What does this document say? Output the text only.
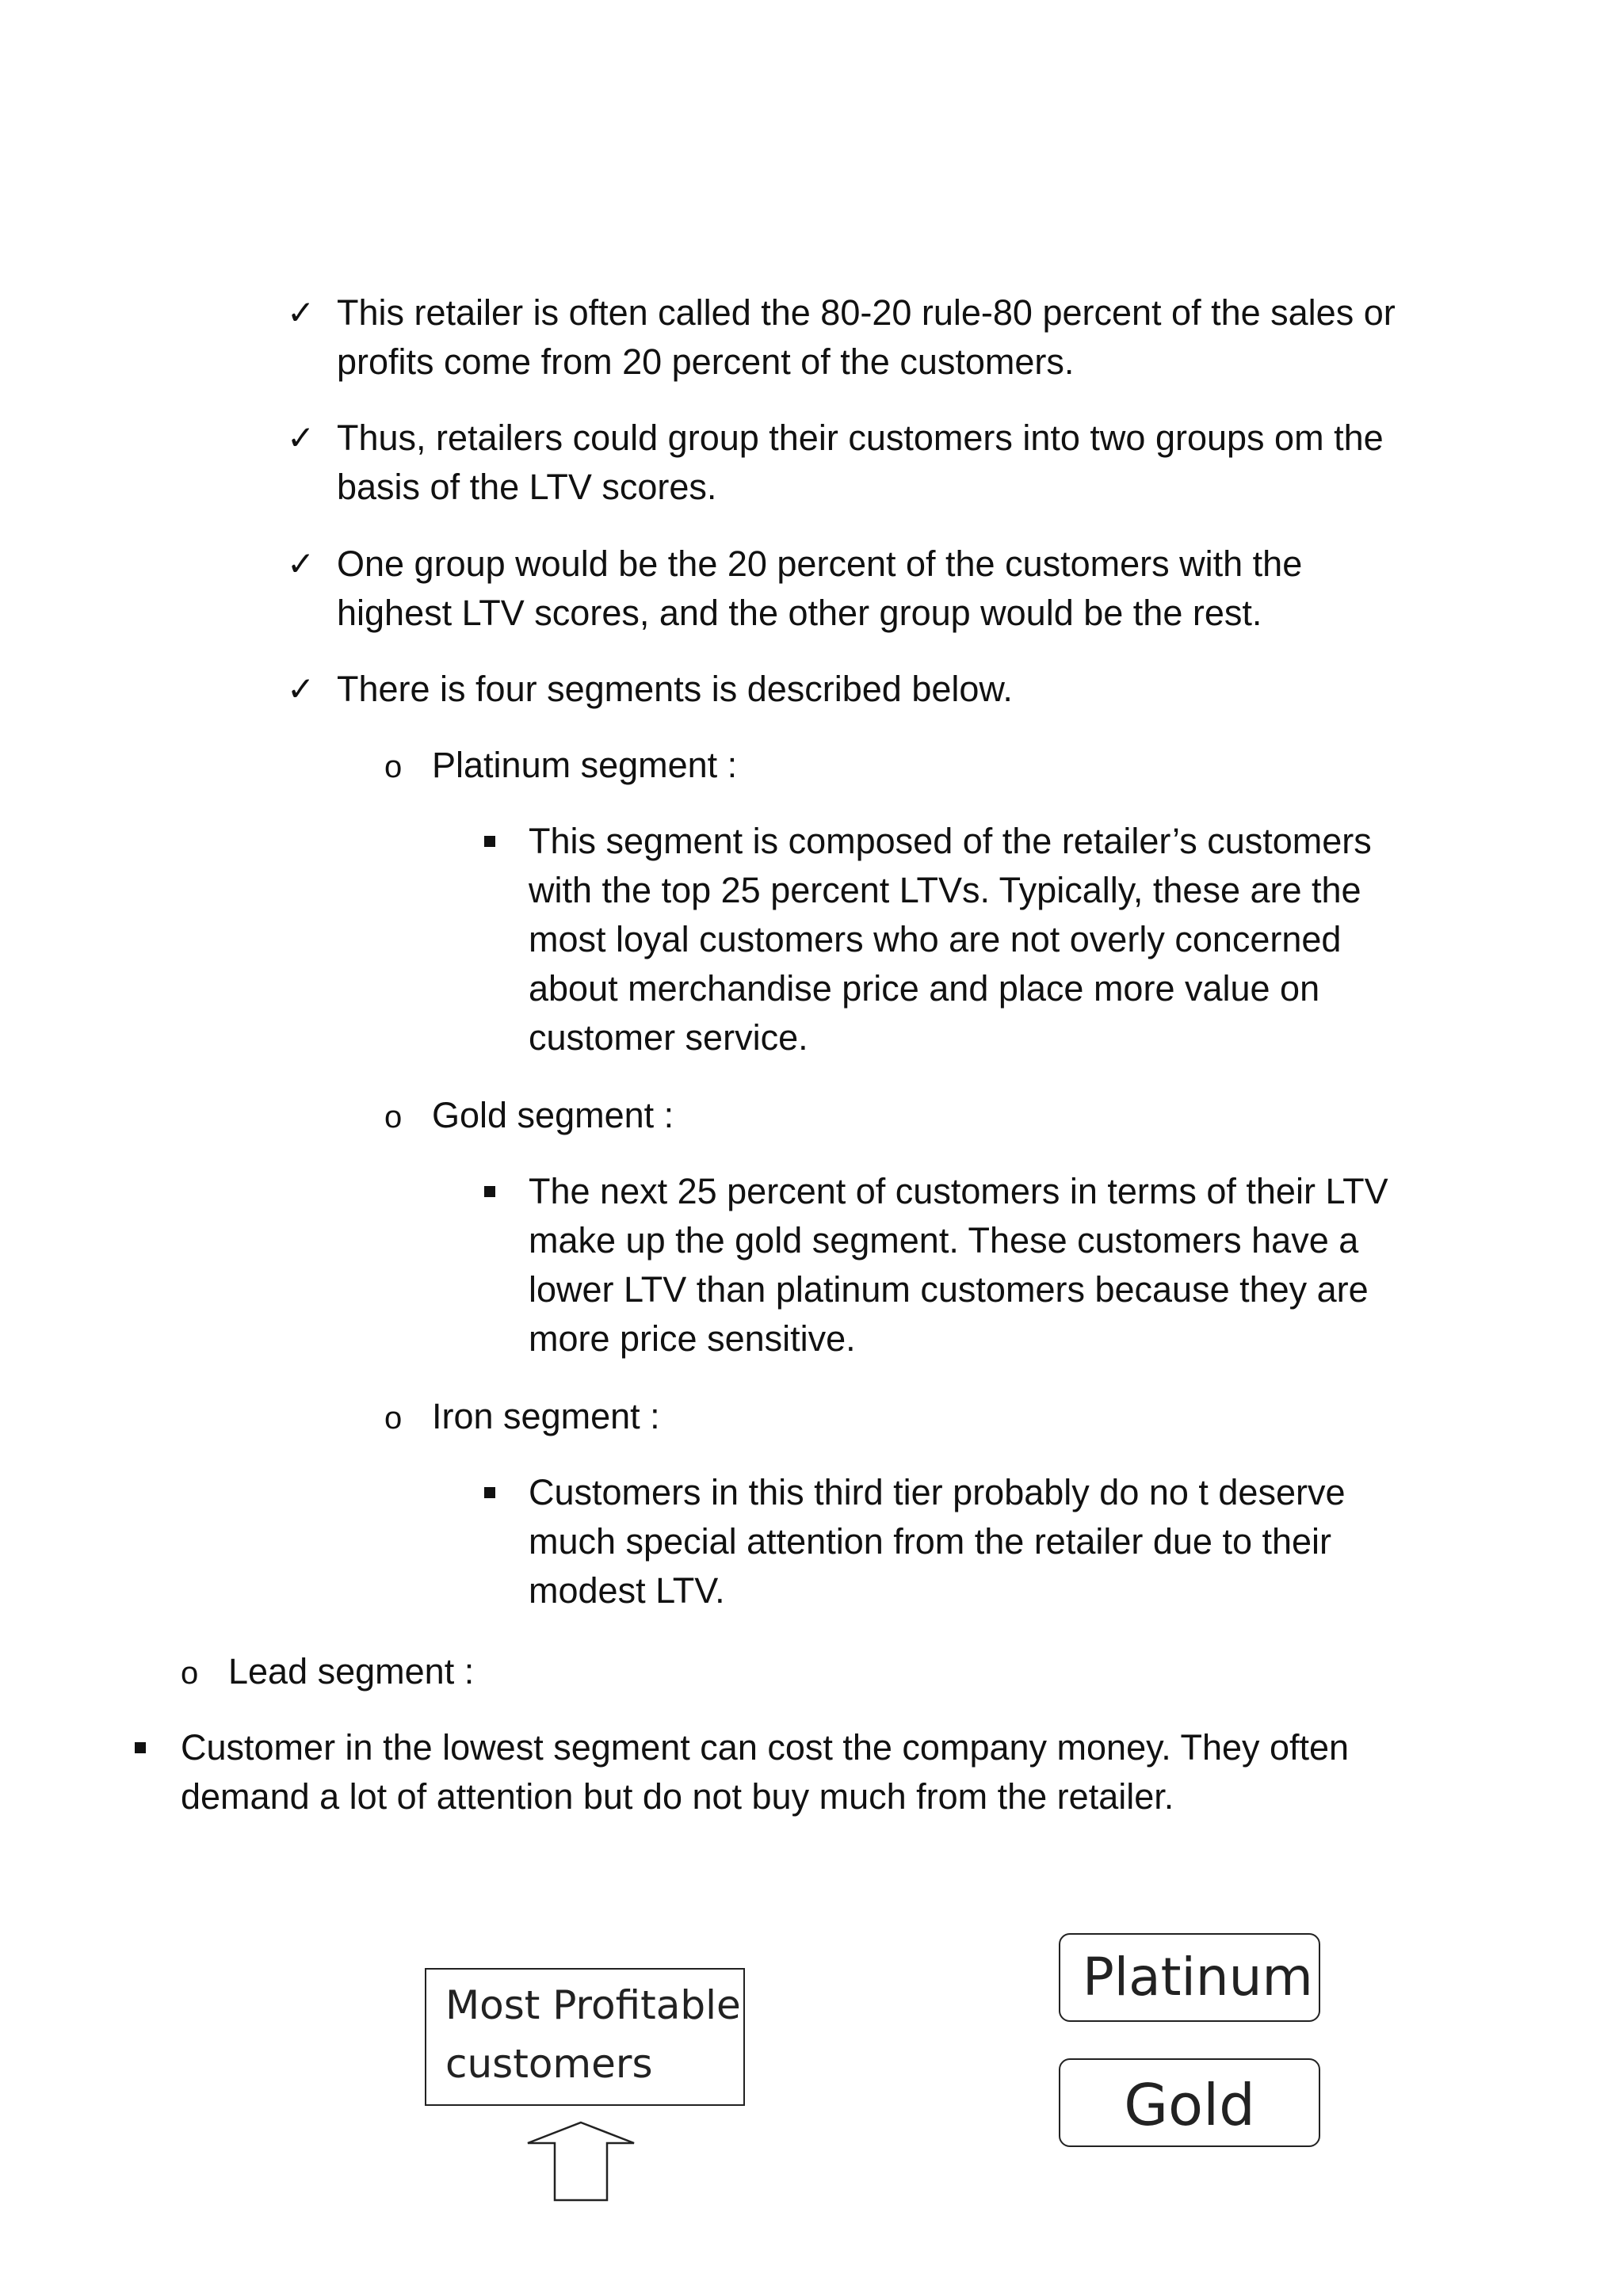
✓ This retailer is often called the 80-20 rule-80 percent of the sales or profits come from 20 percent of the customers.
✓ Thus, retailers could group their customers into two groups om the basis of the LTV scores.
✓ One group would be the 20 percent of the customers with the highest LTV scores, and the other group would be the rest.
✓ There is four segments is described below.
o Platinum segment :
This segment is composed of the retailer’s customers with the top 25 percent LTVs. Typically, these are the most loyal customers who are not overly concerned about merchandise price and place more value on customer service.
o Gold segment :
The next 25 percent of customers in terms of their LTV make up the gold segment. These customers have a lower LTV than platinum customers because they are more price sensitive.
o Iron segment :
Customers in this third tier probably do no t deserve much special attention from the retailer due to their modest LTV.
o Lead segment :
Customer in the lowest segment can cost the company money. They often demand a lot of attention but do not buy much from the retailer.
Most Profitable
customers
Platinum
Gold
